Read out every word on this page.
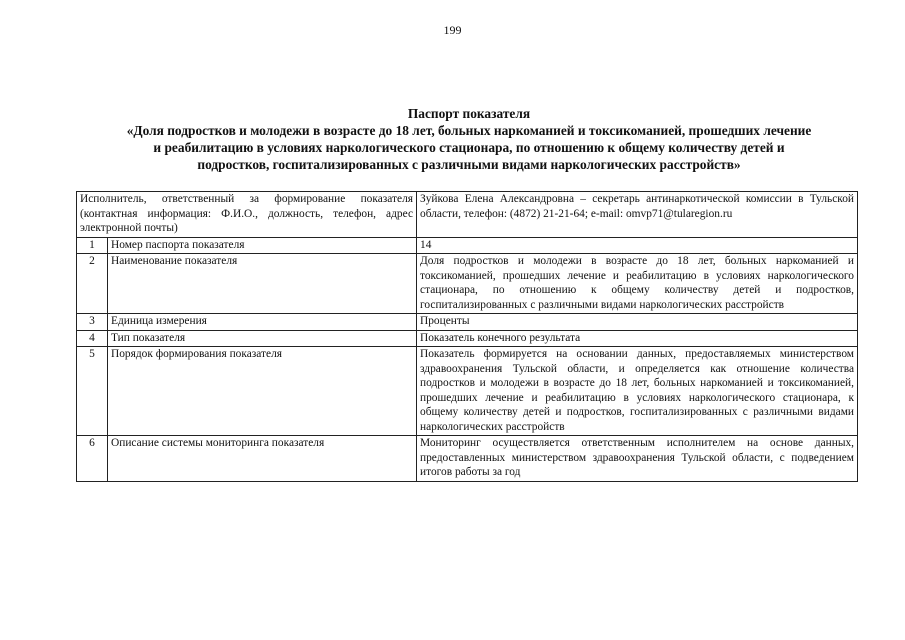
199
Паспорт показателя
«Доля подростков и молодежи в возрасте до 18 лет, больных наркоманией и токсикоманией, прошедших лечение
и реабилитацию в условиях наркологического стационара, по отношению к общему количеству детей и
подростков, госпитализированных с различными видами наркологических расстройств»
Исполнитель, ответственный за формирование показателя (контактная информация: Ф.И.О., должность, телефон, адрес электронной почты)		Зуйкова Елена Александровна – секретарь антинаркотической комиссии в Тульской области, телефон: (4872) 21-21-64; e-mail: omvp71@tularegion.ru
1	Номер паспорта показателя	14
2	Наименование показателя	Доля подростков и молодежи в возрасте до 18 лет, больных наркоманией и токсикоманией, прошедших лечение и реабилитацию в условиях наркологического стационара, по отношению к общему количеству детей и подростков, госпитализированных с различными видами наркологических расстройств
3	Единица измерения	Проценты
4	Тип показателя	Показатель конечного результата
5	Порядок формирования показателя	Показатель формируется на основании данных, предоставляемых министерством здравоохранения Тульской области, и определяется как отношение количества подростков и молодежи в возрасте до 18 лет, больных наркоманией и токсикоманией, прошедших лечение и реабилитацию в условиях наркологического стационара, к общему количеству детей и подростков, госпитализированных с различными видами наркологических расстройств
6	Описание системы мониторинга показателя	Мониторинг осуществляется ответственным исполнителем на основе данных, предоставленных министерством здравоохранения Тульской области, с подведением итогов работы за год
